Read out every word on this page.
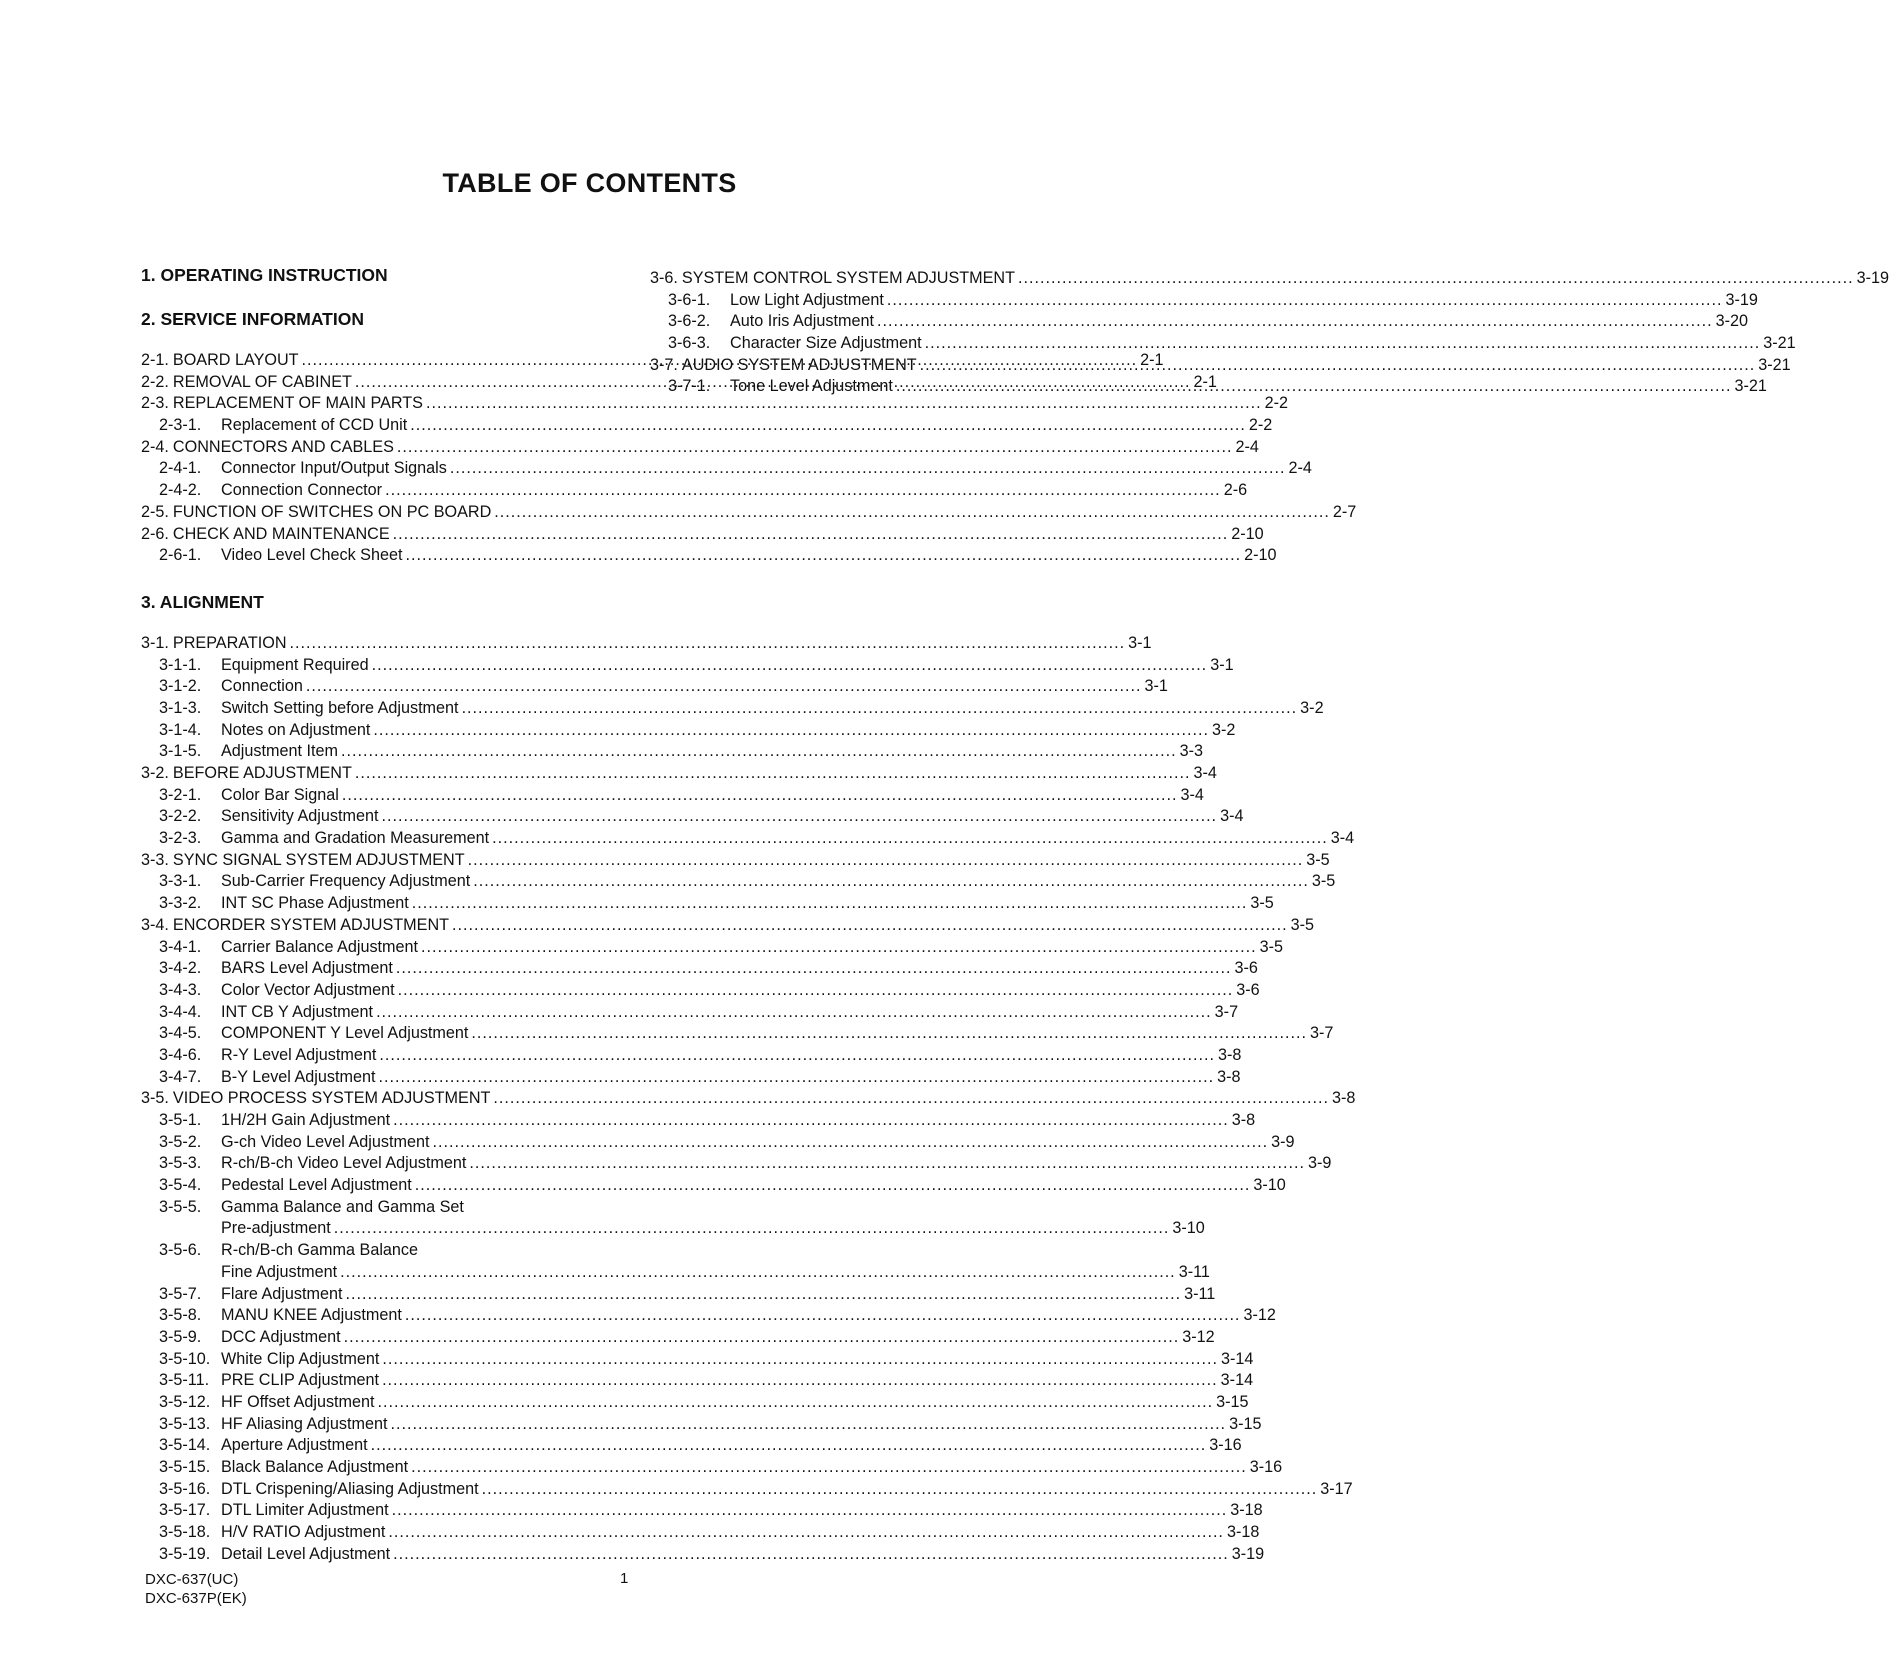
TABLE OF CONTENTS
1. OPERATING INSTRUCTION
2. SERVICE INFORMATION
2-1. BOARD LAYOUT .....	2-1
2-2. REMOVAL OF CABINET .....	2-1
2-3. REPLACEMENT OF MAIN PARTS .....	2-2
2-3-1.	Replacement of CCD Unit .....	2-2
2-4. CONNECTORS AND CABLES .....	2-4
2-4-1.	Connector Input/Output Signals .....	2-4
2-4-2.	Connection Connector .....	2-6
2-5. FUNCTION OF SWITCHES ON PC BOARD .....	2-7
2-6. CHECK AND MAINTENANCE .....	2-10
2-6-1.	Video Level Check Sheet .....	2-10
3. ALIGNMENT
3-1. PREPARATION .....	3-1
3-1-1.	Equipment Required .....	3-1
3-1-2.	Connection .....	3-1
3-1-3.	Switch Setting before Adjustment .....	3-2
3-1-4.	Notes on Adjustment .....	3-2
3-1-5.	Adjustment Item .....	3-3
3-2. BEFORE ADJUSTMENT .....	3-4
3-2-1.	Color Bar Signal .....	3-4
3-2-2.	Sensitivity Adjustment .....	3-4
3-2-3.	Gamma and Gradation Measurement .....	3-4
3-3. SYNC SIGNAL SYSTEM ADJUSTMENT .....	3-5
3-3-1.	Sub-Carrier Frequency Adjustment .....	3-5
3-3-2.	INT SC Phase Adjustment .....	3-5
3-4. ENCORDER SYSTEM ADJUSTMENT .....	3-5
3-4-1.	Carrier Balance Adjustment .....	3-5
3-4-2.	BARS Level Adjustment .....	3-6
3-4-3.	Color Vector Adjustment .....	3-6
3-4-4.	INT CB Y Adjustment .....	3-7
3-4-5.	COMPONENT Y Level Adjustment .....	3-7
3-4-6.	R-Y Level Adjustment .....	3-8
3-4-7.	B-Y Level Adjustment .....	3-8
3-5. VIDEO PROCESS SYSTEM ADJUSTMENT .....	3-8
3-5-1.	1H/2H Gain Adjustment .....	3-8
3-5-2.	G-ch Video Level Adjustment .....	3-9
3-5-3.	R-ch/B-ch Video Level Adjustment .....	3-9
3-5-4.	Pedestal Level Adjustment .....	3-10
3-5-5.	Gamma Balance and Gamma Set
Pre-adjustment .....	3-10
3-5-6.	R-ch/B-ch Gamma Balance
Fine Adjustment .....	3-11
3-5-7.	Flare Adjustment .....	3-11
3-5-8.	MANU KNEE Adjustment .....	3-12
3-5-9.	DCC Adjustment .....	3-12
3-5-10. White Clip Adjustment .....	3-14
3-5-11. PRE CLIP Adjustment .....	3-14
3-5-12. HF Offset Adjustment .....	3-15
3-5-13. HF Aliasing Adjustment .....	3-15
3-5-14. Aperture Adjustment .....	3-16
3-5-15. Black Balance Adjustment .....	3-16
3-5-16. DTL Crispening/Aliasing Adjustment .....	3-17
3-5-17. DTL Limiter Adjustment .....	3-18
3-5-18. H/V RATIO Adjustment .....	3-18
3-5-19. Detail Level Adjustment .....	3-19
3-6. SYSTEM CONTROL SYSTEM ADJUSTMENT .....	3-19
3-6-1.	Low Light Adjustment .....	3-19
3-6-2.	Auto Iris Adjustment .....	3-20
3-6-3.	Character Size Adjustment .....	3-21
3-7. AUDIO SYSTEM ADJUSTMENT .....	3-21
3-7-1.	Tone Level Adjustment .....	3-21
DXC-637(UC)
DXC-637P(EK)
1
